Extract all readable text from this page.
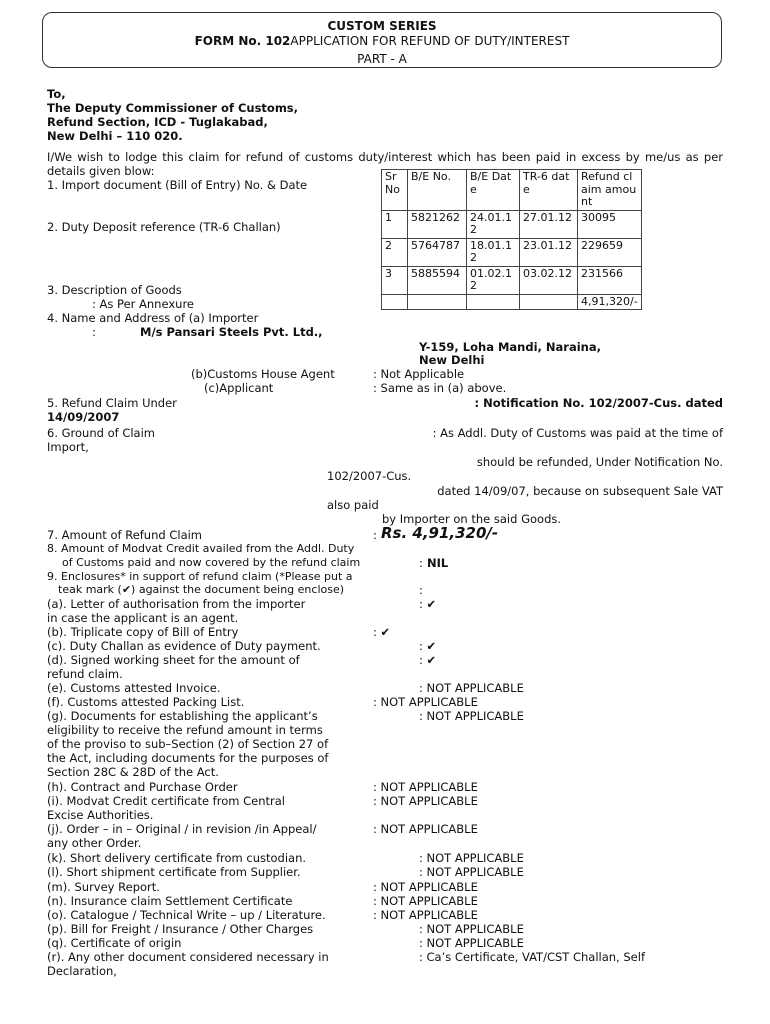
CUSTOM SERIES
FORM No. 102APPLICATION FOR REFUND OF DUTY/INTEREST
PART - A
To,
The Deputy Commissioner of Customs,
Refund Section, ICD - Tuglakabad,
New Delhi – 110 020.
I/We wish to lodge this claim for refund of customs duty/interest which has been paid in excess by me/us as per details given blow:
1. Import document (Bill of Entry) No. & Date
2. Duty Deposit reference (TR-6 Challan)
Sr No	B/E No.	B/E Date	TR-6 date	Refund claim amount
1	5821262	24.01.12	27.01.12	30095
2	5764787	18.01.12	23.01.12	229659
3	5885594	01.02.12	03.02.12	231566
				4,91,320/-
3. Description of Goods
: As Per Annexure
4. Name and Address of (a) Importer
:	M/s Pansari Steels Pvt. Ltd.,
Y-159, Loha Mandi, Naraina,
New Delhi
(b)Customs House Agent	: Not Applicable
(c)Applicant	: Same as in (a) above.
5. Refund Claim Under	: Notification No. 102/2007-Cus. dated
14/09/2007
6. Ground of Claim	: As Addl. Duty of Customs was paid at the time of
Import,
should be refunded, Under Notification No.
102/2007-Cus.
dated 14/09/07, because on subsequent Sale VAT
also paid
by Importer on the said Goods.
7. Amount of Refund Claim	: Rs. 4,91,320/-
8. Amount of Modvat Credit availed from the Addl. Duty
of Customs paid and now covered by the refund claim	: NIL
9. Enclosures* in support of refund claim (*Please put a
teak mark (✔) against the document being enclose)	:
(a). Letter of authorisation from the importer	: ✔
in case the applicant is an agent.
(b). Triplicate copy of Bill of Entry	: ✔
(c). Duty Challan as evidence of Duty payment.	: ✔
(d). Signed working sheet for the amount of	: ✔
refund claim.
(e). Customs attested Invoice.	: NOT APPLICABLE
(f). Customs attested Packing List.	: NOT APPLICABLE
(g). Documents for establishing the applicant’s	: NOT APPLICABLE
eligibility to receive the refund amount in terms
of the proviso to sub–Section (2) of Section 27 of
the Act, including documents for the purposes of
Section 28C & 28D of the Act.
(h). Contract and Purchase Order	: NOT APPLICABLE
(i). Modvat Credit certificate from Central	: NOT APPLICABLE
Excise Authorities.
(j). Order – in – Original / in revision /in Appeal/	: NOT APPLICABLE
any other Order.
(k). Short delivery certificate from custodian.	: NOT APPLICABLE
(l). Short shipment certificate from Supplier.	: NOT APPLICABLE
(m). Survey Report.	: NOT APPLICABLE
(n). Insurance claim Settlement Certificate	: NOT APPLICABLE
(o). Catalogue / Technical Write – up / Literature.	: NOT APPLICABLE
(p). Bill for Freight / Insurance / Other Charges	: NOT APPLICABLE
(q). Certificate of origin	: NOT APPLICABLE
(r). Any other document considered necessary in	: Ca’s Certificate, VAT/CST Challan, Self
Declaration,
